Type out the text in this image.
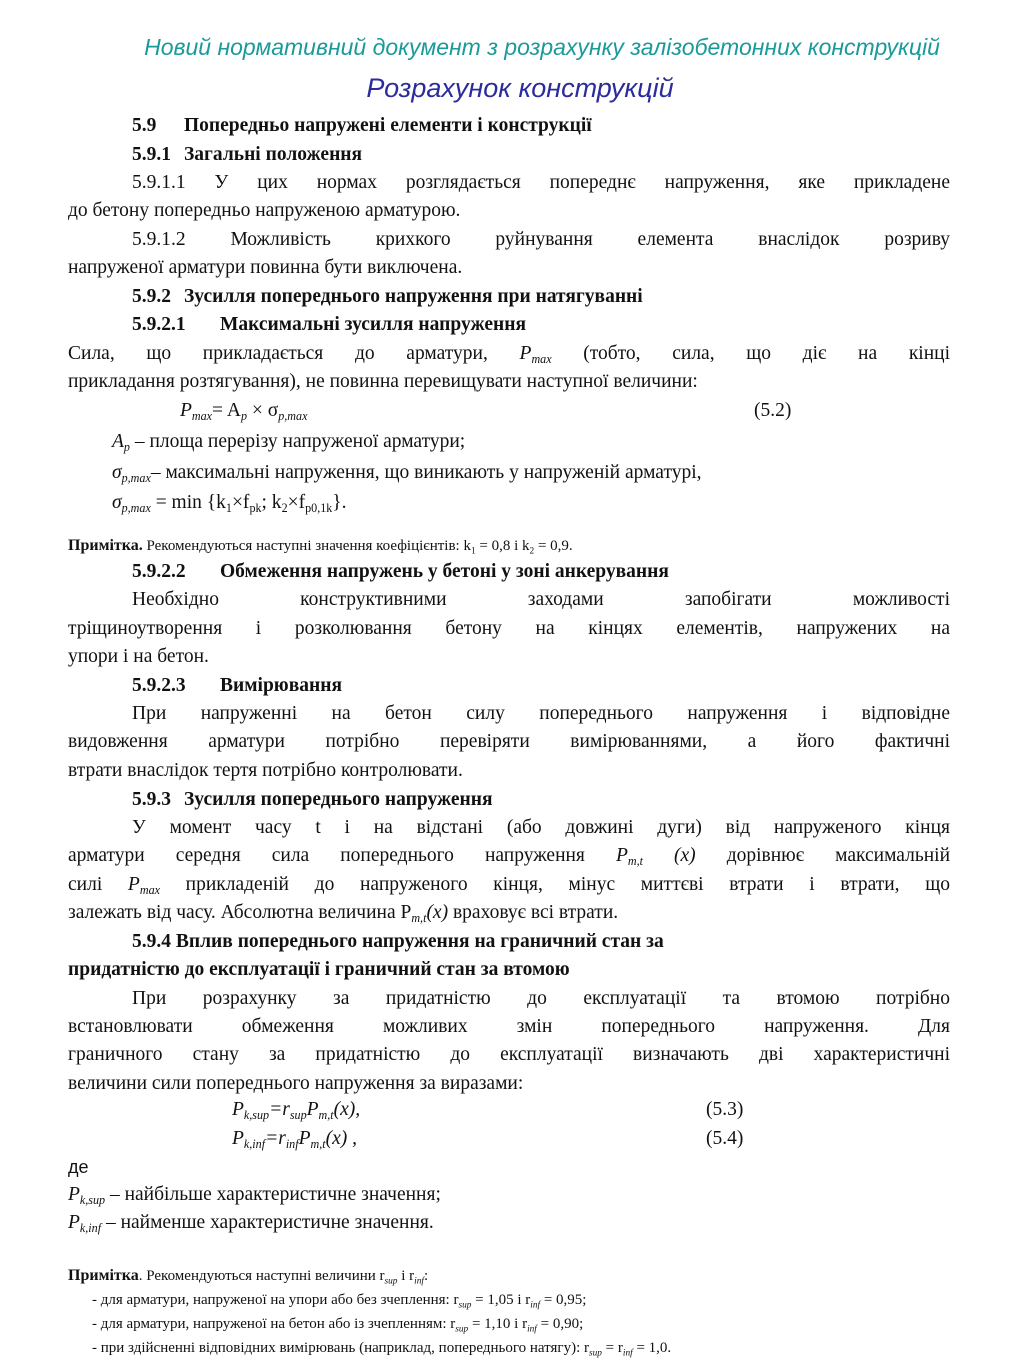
Новий нормативний документ з розрахунку залізобетонних конструкцій
Розрахунок конструкцій
5.9 Попередньо напружені елементи і конструкції
5.9.1 Загальні положення
5.9.1.1 У цих нормах розглядається попереднє напруження, яке прикладене
до бетону попередньо напруженою арматурою.
5.9.1.2 Можливість крихкого руйнування елемента внаслідок розриву
напруженої арматури повинна бути виключена.
5.9.2 Зусилля попереднього напруження при натягуванні
5.9.2.1 Максимальні зусилля напруження
Сила, що прикладається до арматури, $P_{max}$ (тобто, сила, що діє на кінці
прикладання розтягування), не повинна перевищувати наступної величини:
$P_{max}= A_p \times \sigma_{p,max}$	(5.2)
$A_p$ – площа перерізу напруженої арматури;
$\sigma_{p,max}-$ максимальні напруження, що виникають у напруженій арматурі,
$\sigma_{p,max} = \min \{k_1\times f_{pk}$; $k_2\times f_{p0,1k}$}.
Примітка. Рекомендуються наступні значення коефіцієнтів: $k_1 = 0,8$ і $k_2 = 0,9$.
5.9.2.2 Обмеження напружень у бетоні у зоні анкерування
Необхідно конструктивними заходами запобігати можливості
тріщиноутворення і розколювання бетону на кінцях елементів, напружених на
упори і на бетон.
5.9.2.3 Вимірювання
При напруженні на бетон силу попереднього напруження і відповідне
видовження арматури потрібно перевіряти вимірюваннями, а його фактичні
втрати внаслідок тертя потрібно контролювати.
5.9.3 Зусилля попереднього напруження
У момент часу t і на відстані (або довжині дуги) від напруженого кінця
арматури середня сила попереднього напруження $P_{m,t}$ (x) дорівнює максимальній
силі $P_{max}$ прикладеній до напруженого кінця, мінус миттєві втрати і втрати, що
залежать від часу. Абсолютна величина $P_{m,t}(x)$ враховує всі втрати.
5.9.4 Вплив попереднього напруження на граничний стан за
придатністю до експлуатації і граничний стан за втомою
При розрахунку за придатністю до експлуатації та втомою потрібно
встановлювати обмеження можливих змін попереднього напруження. Для
граничного стану за придатністю до експлуатації визначають дві характеристичні
величини сили попереднього напруження за виразами:
$P_{k,sup}=r_{sup}P_{m,t}(x)$,	(5.3)
$P_{k,inf}=r_{inf}P_{m,t}(x)$ ,	(5.4)
де
$P_{k,sup}$ – найбільше характеристичне значення;
$P_{k,inf}$ – найменше характеристичне значення.
Примітка. Рекомендуються наступні величини $r_{sup}$ і $r_{inf}$:
- для арматури, напруженої на упори або без зчеплення: $r_{sup} = 1,05$ і $r_{inf} = 0,95$;
- для арматури, напруженої на бетон або із зчепленням: $r_{sup} = 1,10$ і $r_{inf} = 0,90$;
- при здійсненні відповідних вимірювань (наприклад, попереднього натягу): $r_{sup} = r_{inf} = 1,0$.
